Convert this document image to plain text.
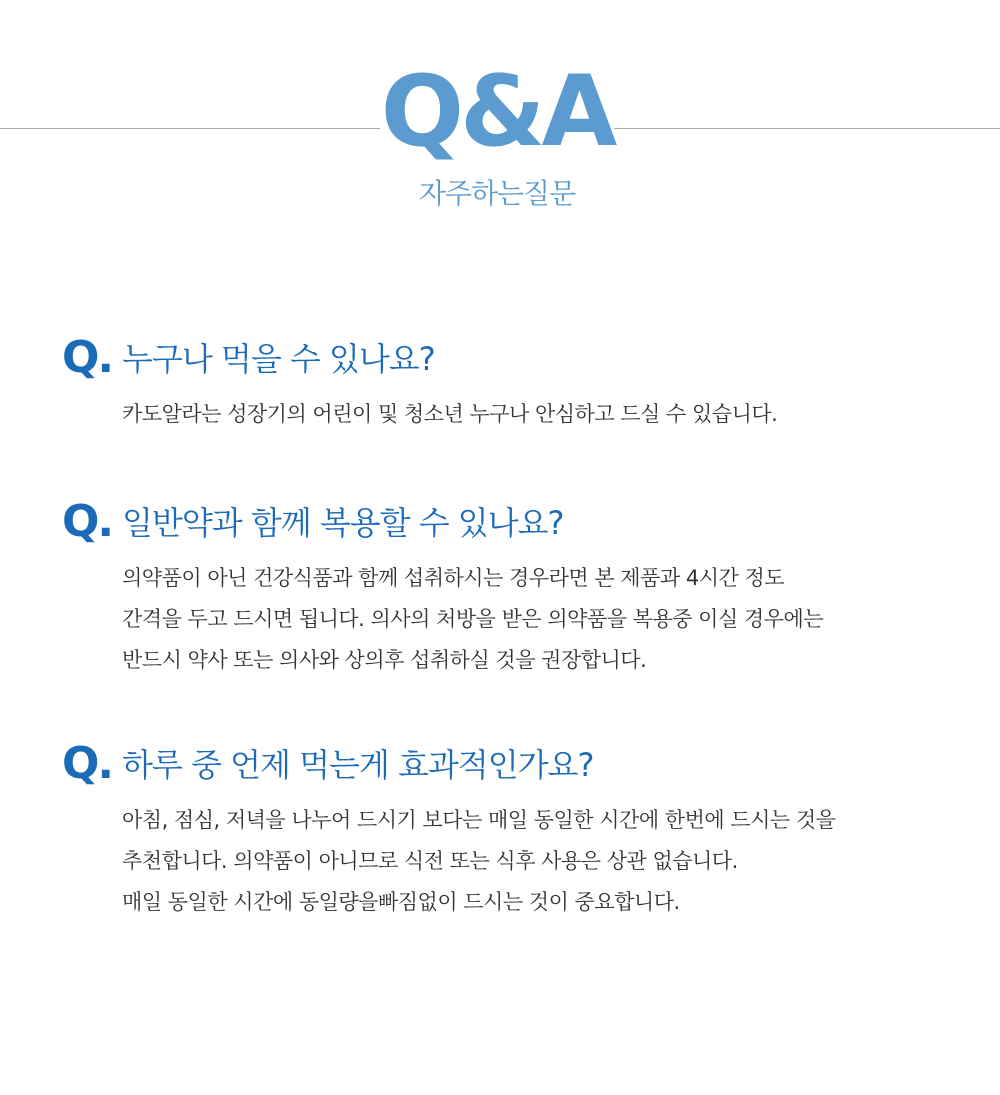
Q&A
자주하는질문
Q. 누구나 먹을 수 있나요?
카도알라는 성장기의 어린이 및 청소년 누구나 안심하고 드실 수 있습니다.
Q. 일반약과 함께 복용할 수 있나요?
의약품이 아닌 건강식품과 함께 섭취하시는 경우라면 본 제품과 4시간 정도
간격을 두고 드시면 됩니다. 의사의 처방을 받은 의약품을 복용중 이실 경우에는
반드시 약사 또는 의사와 상의후 섭취하실 것을 권장합니다.
Q. 하루 중 언제 먹는게 효과적인가요?
아침, 점심, 저녁을 나누어 드시기 보다는 매일 동일한 시간에 한번에 드시는 것을
추천합니다. 의약품이 아니므로 식전 또는 식후 사용은 상관 없습니다.
매일 동일한 시간에 동일량을빠짐없이 드시는 것이 중요합니다.
